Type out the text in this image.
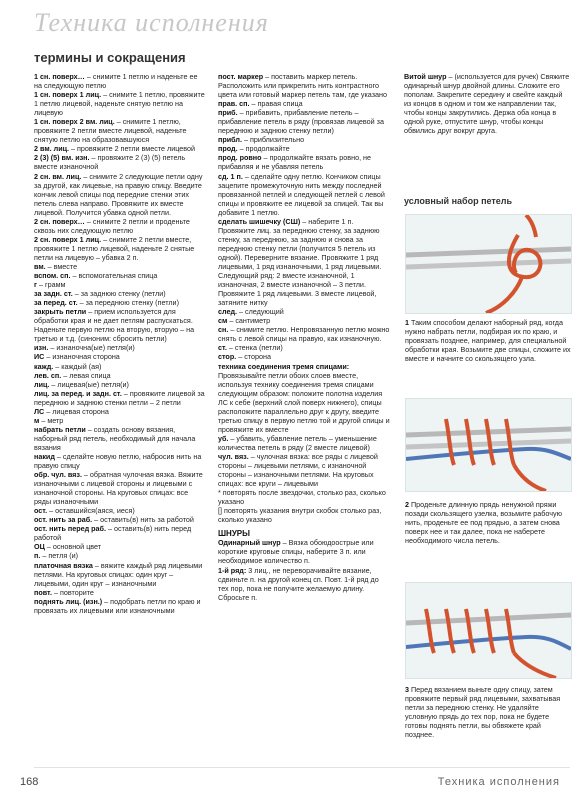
Техника исполнения
термины и сокращения
1 сн. поверх… – снимите 1 петлю и наденьте ее на следующую петлю
1 сн. поверх 1 лиц. – снимите 1 петлю, провяжите 1 петлю лицевой, наденьте снятую петлю на лицевую
1 сн. поверх 2 вм. лиц. – снимите 1 петлю, провяжите 2 петли вместе лицевой, наденьте снятую петлю на образовавшуюся
2 вм. лиц. – провяжите 2 петли вместе лицевой
2 (3) (5) вм. изн. – провяжите 2 (3) (5) петель вместе изнаночной
2 сн. вм. лиц. – снимите 2 следующие петли одну за другой, как лицевые, на правую спицу. Введите кончик левой спицы под передние стенки этих петель слева направо. Провяжите их вместе лицевой. Получится убавка одной петли.
2 сн. поверх… – снимите 2 петли и проденьте сквозь них следующую петлю
2 сн. поверх 1 лиц. – снимите 2 петли вместе, провяжите 1 петлю лицевой, наденьте 2 снятые петли на лицевую – убавка 2 п.
вм. – вместе
вспом. сп. – вспомогательная спица
г – грамм
за задн. ст. – за заднюю стенку (петли)
за перед. ст. – за переднюю стенку (петли)
закрыть петли – прием используется для обработки края и не дает петлям распускаться. Наденьте первую петлю на вторую, вторую – на третью и т.д. (синоним: сбросить петли)
изн. – изнаночна(ые) петля(и)
ИС – изнаночная сторона
кажд. – каждый (ая)
лев. сп. – левая спица
лиц. – лицевая(ые) петля(и)
лиц. за перед. и задн. ст. – провяжите лицевой за переднюю и заднюю стенки петли – 2 петли
ЛС – лицевая сторона
м – метр
набрать петли – создать основу вязания, наборный ряд петель, необходимый для начала вязания
накид – сделайте новую петлю, набросив нить на правую спицу
обр. чул. вяз. – обратная чулочная вязка. Вяжите изнаночными с лицевой стороны и лицевыми с изнаночной стороны. На круговых спицах: все ряды изнаночными
ост. – оставшийся(аяся, иеся)
ост. нить за раб. – оставить(в) нить за работой
ост. нить перед раб. – оставить(в) нить перед работой
ОЦ – основной цвет
п. – петля (и)
платочная вязка – вяжите каждый ряд лицевыми петлями. На круговых спицах: один круг – лицевыми, один круг – изнаночными
повт. – повторите
поднять лиц. (изн.) – подобрать петли по краю и провязать их лицевыми или изнаночными
пост. маркер – поставить маркер петель. Расположить или прикрепить нить контрастного цвета или готовый маркер петель там, где указано
прав. сп. – правая спица
приб. – прибавить, прибавление петель – прибавление петель в ряду (провязав лицевой за переднюю и заднюю стенку петли)
прибл. – приблизительно
прод. – продолжайте
прод. ровно – продолжайте вязать ровно, не прибавляя и не убавляя петель
сд. 1 п. – сделайте одну петлю. Кончиком спицы зацепите промежуточную нить между последней провязанной петлей и следующей петлей с левой спицы и провяжите ее лицевой за спицей. Так вы добавите 1 петлю.
сделать шишечку (СШ) – наберите 1 п. Провяжите лиц. за переднюю стенку, за заднюю стенку, за переднюю, за заднюю и снова за переднюю стенку петли (получится 5 петель из одной). Переверните вязание. Провяжите 1 ряд лицевыми, 1 ряд изнаночными, 1 ряд лицевыми. Следующий ряд: 2 вместе изнаночной, 1 изнаночная, 2 вместе изнаночной – 3 петли. Провяжите 1 ряд лицевыми. 3 вместе лицевой, затяните нитку
след. – следующий
см – сантиметр
сн. – снимите петлю. Непровязанную петлю можно снять с левой спицы на правую, как изнаночную.
ст. – стенка (петли)
стор. – сторона
техника соединения тремя спицами: Провязывайте петли обоих слоев вместе, используя технику соединения тремя спицами следующим образом: положите полотна изделия ЛС к себе (верхний слой поверх нижнего), спицы расположите параллельно друг к другу, введите третью спицу в первую петлю той и другой спицы и провяжите их вместе
уб. – убавить, убавление петель – уменьшение количества петель в ряду (2 вместе лицевой)
чул. вяз. – чулочная вязка: все ряды с лицевой стороны – лицевыми петлями, с изнаночной стороны – изнаночными петлями. На круговых спицах: все круги – лицевыми
* повторять после звездочки, столько раз, сколько указано
[] повторять указания внутри скобок столько раз, сколько указано
ШНУРЫ
Одинарный шнур – Вязка обоюдоострые или короткие круговые спицы, наберите 3 п. или необходимое количество п.
1-й ряд: 3 лиц., не переворачивайте вязание, сдвиньте п. на другой конец сп. Повт. 1-й ряд до тех пор, пока не получите желаемую длину. Сбросьте п.
Витой шнур – (используется для ручек) Свяжите одинарный шнур двойной длины. Сложите его пополам. Закрепите середину и свейте каждый из концов в одном и том же направлении так, чтобы концы закрутились. Держа оба конца в одной руке, отпустите шнур, чтобы концы обвились друг вокруг друга.
условный набор петель
1 Таким способом делают наборный ряд, когда нужно набрать петли, подбирая их по краю, и провязать позднее, например, для специальной обработки края. Возьмите две спицы, сложите их вместе и начните со скользящего узла.
2 Проденьте длинную прядь ненужной пряжи позади скользящего узелка, возьмите рабочую нить, проденьте ее под прядью, а затем снова поверх нее и так далее, пока не наберете необходимого числа петель.
3 Перед вязанием выньте одну спицу, затем провяжите первый ряд лицевыми, захватывая петли за переднюю стенку. Не удаляйте условную прядь до тех пор, пока не будете готовы поднять петли, вы обвяжете край позднее.
168	Техника исполнения
